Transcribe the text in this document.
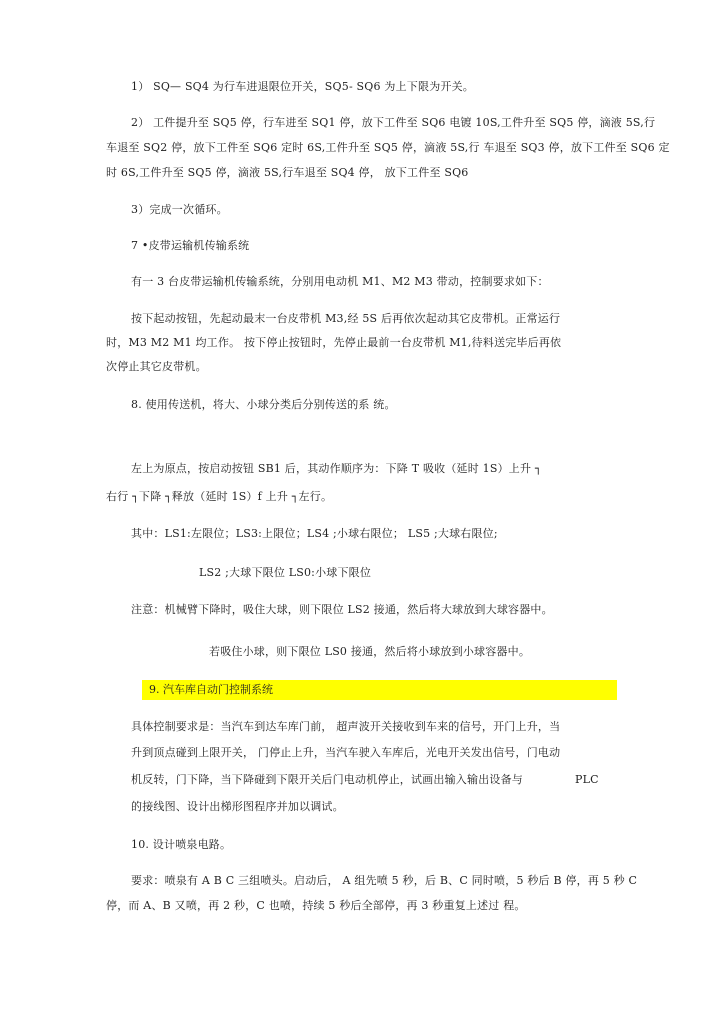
1） SQ— SQ4 为行车进退限位开关，SQ5- SQ6 为上下限为开关。
2） 工件提升至 SQ5 停，行车进至 SQ1 停，放下工件至 SQ6 电镀 10S,工件升至 SQ5 停，滴液 5S,行
车退至 SQ2 停，放下工件至 SQ6 定时 6S,工件升至 SQ5 停，滴液 5S,行 车退至 SQ3 停，放下工件至 SQ6 定
时 6S,工件升至 SQ5 停，滴液 5S,行车退至 SQ4 停， 放下工件至 SQ6
3）完成一次循环。
7 •皮带运输机传输系统
有一 3 台皮带运输机传输系统，分别用电动机 M1、M2 M3 带动，控制要求如下：
按下起动按钮，先起动最末一台皮带机 M3,经 5S 后再依次起动其它皮带机。正常运行
时，M3 M2 M1 均工作。 按下停止按钮时，先停止最前一台皮带机 M1,待料送完毕后再依
次停止其它皮带机。
8. 使用传送机，将大、小球分类后分别传送的系 统。
左上为原点，按启动按钮 SB1 后，其动作顺序为：下降 T 吸收（延时 1S）上升 ┐
右行 ┐下降 ┐释放（延时 1S）f 上升 ┐左行。
其中：LS1:左限位；LS3:上限位；LS4 ;小球右限位； LS5 ;大球右限位;
LS2 ;大球下限位 LS0:小球下限位
注意：机械臂下降时，吸住大球，则下限位 LS2 接通，然后将大球放到大球容器中。
若吸住小球，则下限位 LS0 接通，然后将小球放到小球容器中。
9. 汽车库自动门控制系统
具体控制要求是：当汽车到达车库门前， 超声波开关接收到车来的信号，开门上升，当
升到顶点碰到上限开关， 门停止上升，当汽车驶入车库后，光电开关发出信号，门电动
机反转，门下降，当下降碰到下限开关后门电动机停止，试画出输入输出设备与	PLC
的接线图、设计出梯形图程序并加以调试。
10. 设计喷泉电路。
要求：喷泉有 A B C 三组喷头。启动后， A 组先喷 5 秒，后 B、C 同时喷，5 秒后 B 停，再 5 秒 C
停，而 A、B 又喷，再 2 秒，C 也喷，持续 5 秒后全部停，再 3 秒重复上述过 程。
